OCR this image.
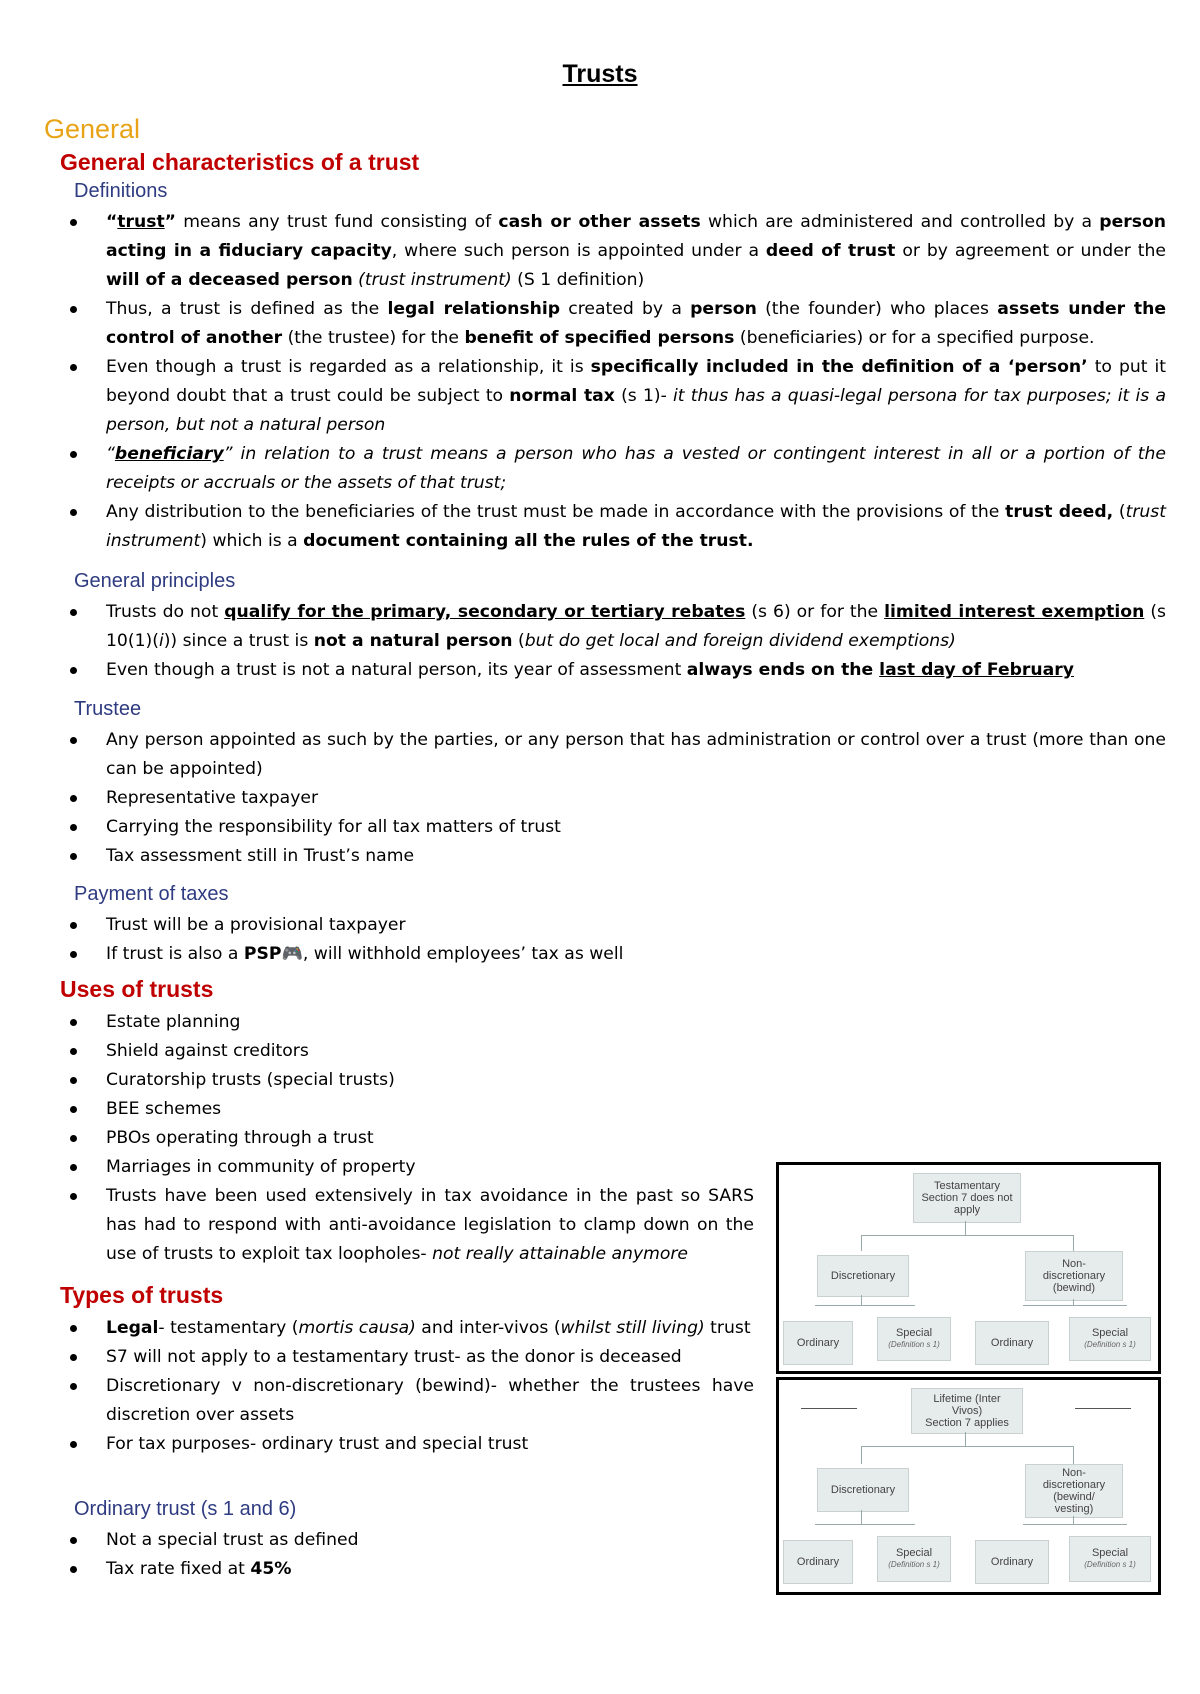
Trusts
General
General characteristics of a trust
Definitions
“trust” means any trust fund consisting of cash or other assets which are administered and controlled by a person acting in a fiduciary capacity, where such person is appointed under a deed of trust or by agreement or under the will of a deceased person (trust instrument) (S 1 definition)
Thus, a trust is defined as the legal relationship created by a person (the founder) who places assets under the control of another (the trustee) for the benefit of specified persons (beneficiaries) or for a specified purpose.
Even though a trust is regarded as a relationship, it is specifically included in the definition of a ‘person’ to put it beyond doubt that a trust could be subject to normal tax (s 1)- it thus has a quasi-legal persona for tax purposes; it is a person, but not a natural person
“beneficiary” in relation to a trust means a person who has a vested or contingent interest in all or a portion of the receipts or accruals or the assets of that trust;
Any distribution to the beneficiaries of the trust must be made in accordance with the provisions of the trust deed, (trust instrument) which is a document containing all the rules of the trust.
General principles
Trusts do not qualify for the primary, secondary or tertiary rebates (s 6) or for the limited interest exemption (s 10(1)(i)) since a trust is not a natural person (but do get local and foreign dividend exemptions)
Even though a trust is not a natural person, its year of assessment always ends on the last day of February
Trustee
Any person appointed as such by the parties, or any person that has administration or control over a trust (more than one can be appointed)
Representative taxpayer
Carrying the responsibility for all tax matters of trust
Tax assessment still in Trust’s name
Payment of taxes
Trust will be a provisional taxpayer
If trust is also a PSP🎮, will withhold employees’ tax as well
Uses of trusts
Estate planning
Shield against creditors
Curatorship trusts (special trusts)
BEE schemes
PBOs operating through a trust
Marriages in community of property
Trusts have been used extensively in tax avoidance in the past so SARS has had to respond with anti-avoidance legislation to clamp down on the use of trusts to exploit tax loopholes- not really attainable anymore
Types of trusts
Legal- testamentary (mortis causa) and inter-vivos (whilst still living) trust
S7 will not apply to a testamentary trust- as the donor is deceased
Discretionary v non-discretionary (bewind)- whether the trustees have discretion over assets
For tax purposes- ordinary trust and special trust
Ordinary trust (s 1 and 6)
Not a special trust as defined
Tax rate fixed at 45%
Testamentary
Section 7 does not
apply
Discretionary
Non-
discretionary
(bewind)
Ordinary
Special
(Definition s 1)	Ordinary
Special
(Definition s 1)
Lifetime (Inter
Vivos)
Section 7 applies
Discretionary
Non-
discretionary
(bewind/
vesting)
Ordinary
Special
(Definition s 1)	Ordinary
Special
(Definition s 1)
